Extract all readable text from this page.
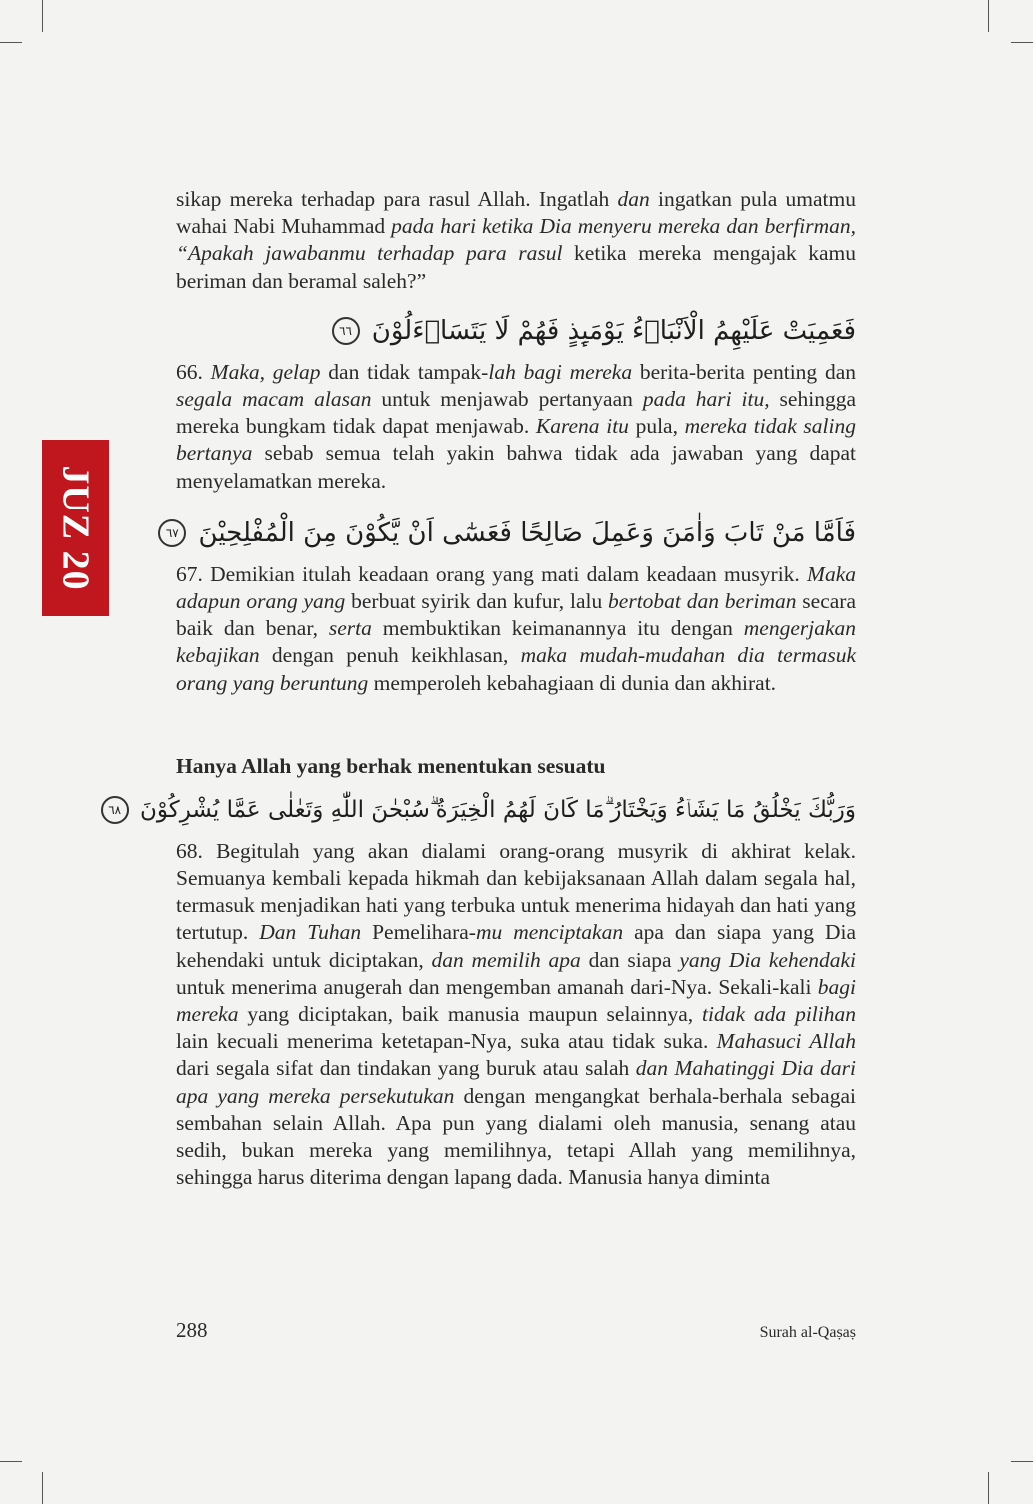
JUZ 20

sikap mereka terhadap para rasul Allah. Ingatlah dan ingatkan pula umatmu wahai Nabi Muhammad pada hari ketika Dia menyeru mereka dan berfirman, “Apakah jawabanmu terhadap para rasul ketika mereka mengajak kamu beriman dan beramal saleh?”

فَعَمِيَتْ عَلَيْهِمُ الْاَنْبَاۤءُ يَوْمَىِٕذٍ فَهُمْ لَا يَتَسَاۤءَلُوْنَ ٦٦

66. Maka, gelap dan tidak tampak-lah bagi mereka berita-berita penting dan segala macam alasan untuk menjawab pertanyaan pada hari itu, sehingga mereka bungkam tidak dapat menjawab. Karena itu pula, mereka tidak saling bertanya sebab semua telah yakin bahwa tidak ada jawaban yang dapat menyelamatkan mereka.

فَاَمَّا مَنْ تَابَ وَاٰمَنَ وَعَمِلَ صَالِحًا فَعَسٰٓى اَنْ يَّكُوْنَ مِنَ الْمُفْلِحِيْنَ ٦٧

67. Demikian itulah keadaan orang yang mati dalam keadaan musyrik. Maka adapun orang yang berbuat syirik dan kufur, lalu bertobat dan beriman secara baik dan benar, serta membuktikan keimanannya itu dengan mengerjakan kebajikan dengan penuh keikhlasan, maka mudah-mudahan dia termasuk orang yang beruntung memperoleh kebahagiaan di dunia dan akhirat.

Hanya Allah yang berhak menentukan sesuatu
وَرَبُّكَ يَخْلُقُ مَا يَشَاۤءُ وَيَخْتَارُ ۗمَا كَانَ لَهُمُ الْخِيَرَةُ ۗسُبْحٰنَ اللّٰهِ وَتَعٰلٰى عَمَّا يُشْرِكُوْنَ ٦٨

68. Begitulah yang akan dialami orang-orang musyrik di akhirat kelak. Semuanya kembali kepada hikmah dan kebijaksanaan Allah dalam segala hal, termasuk menjadikan hati yang terbuka untuk menerima hidayah dan hati yang tertutup. Dan Tuhan Pemelihara-mu menciptakan apa dan siapa yang Dia kehendaki untuk diciptakan, dan memilih apa dan siapa yang Dia kehendaki untuk menerima anugerah dan mengemban amanah dari-Nya. Sekali-kali bagi mereka yang diciptakan, baik manusia maupun selainnya, tidak ada pilihan lain kecuali menerima ketetapan-Nya, suka atau tidak suka. Mahasuci Allah dari segala sifat dan tindakan yang buruk atau salah dan Mahatinggi Dia dari apa yang mereka persekutukan dengan mengangkat berhala-berhala sebagai sembahan selain Allah. Apa pun yang dialami oleh manusia, senang atau sedih, bukan mereka yang memilihnya, tetapi Allah yang memilihnya, sehingga harus diterima dengan lapang dada. Manusia hanya diminta

288	Surah al-Qaṣaṣ
